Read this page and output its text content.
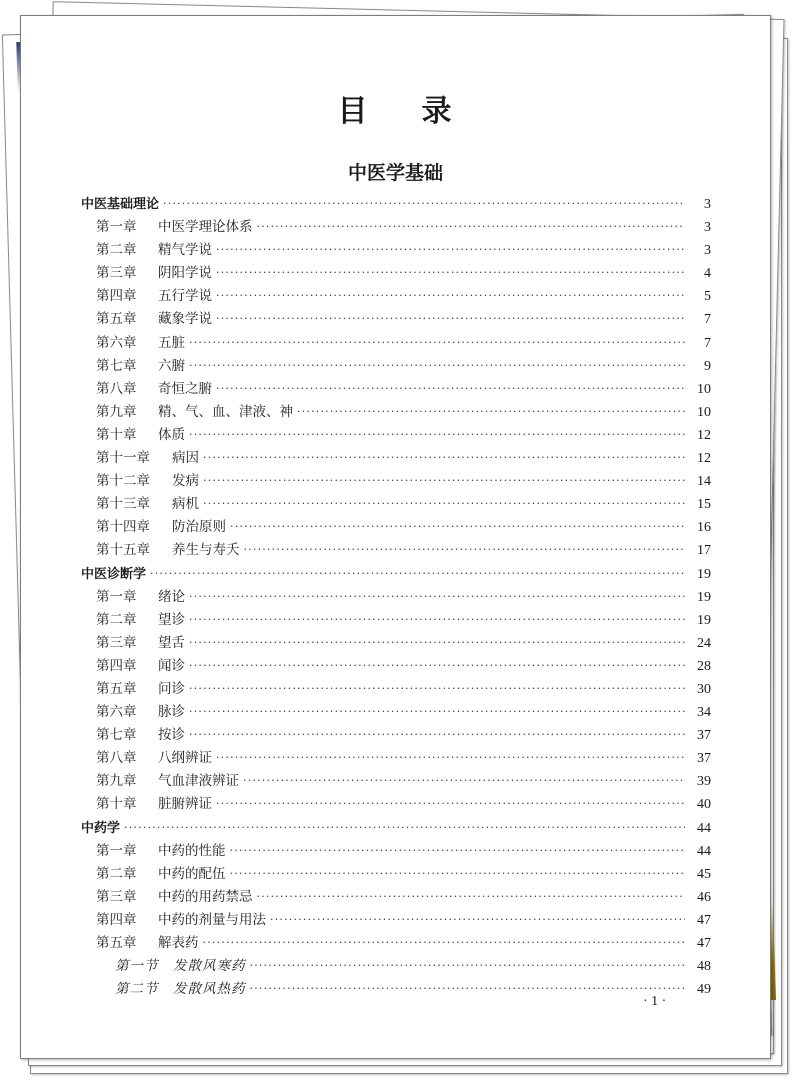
目 录
中医学基础
中医基础理论 ·····	3
第一章	中医学理论体系 ·····	3
第二章	精气学说 ·····	3
第三章	阴阳学说 ·····	4
第四章	五行学说 ·····	5
第五章	藏象学说 ·····	7
第六章	五脏 ·····	7
第七章	六腑 ·····	9
第八章	奇恒之腑 ·····	10
第九章	精、气、血、津液、神 ·····	10
第十章	体质 ·····	12
第十一章	病因 ·····	12
第十二章	发病 ·····	14
第十三章	病机 ·····	15
第十四章	防治原则 ·····	16
第十五章	养生与寿夭 ·····	17
中医诊断学 ·····	19
第一章	绪论 ·····	19
第二章	望诊 ·····	19
第三章	望舌 ·····	24
第四章	闻诊 ·····	28
第五章	问诊 ·····	30
第六章	脉诊 ·····	34
第七章	按诊 ·····	37
第八章	八纲辨证 ·····	37
第九章	气血津液辨证 ·····	39
第十章	脏腑辨证 ·····	40
中药学 ·····	44
第一章	中药的性能 ·····	44
第二章	中药的配伍 ·····	45
第三章	中药的用药禁忌 ·····	46
第四章	中药的剂量与用法 ·····	47
第五章	解表药 ·····	47
第一节	发散风寒药 ·····	48
第二节	发散风热药 ·····	49
· 1 ·
